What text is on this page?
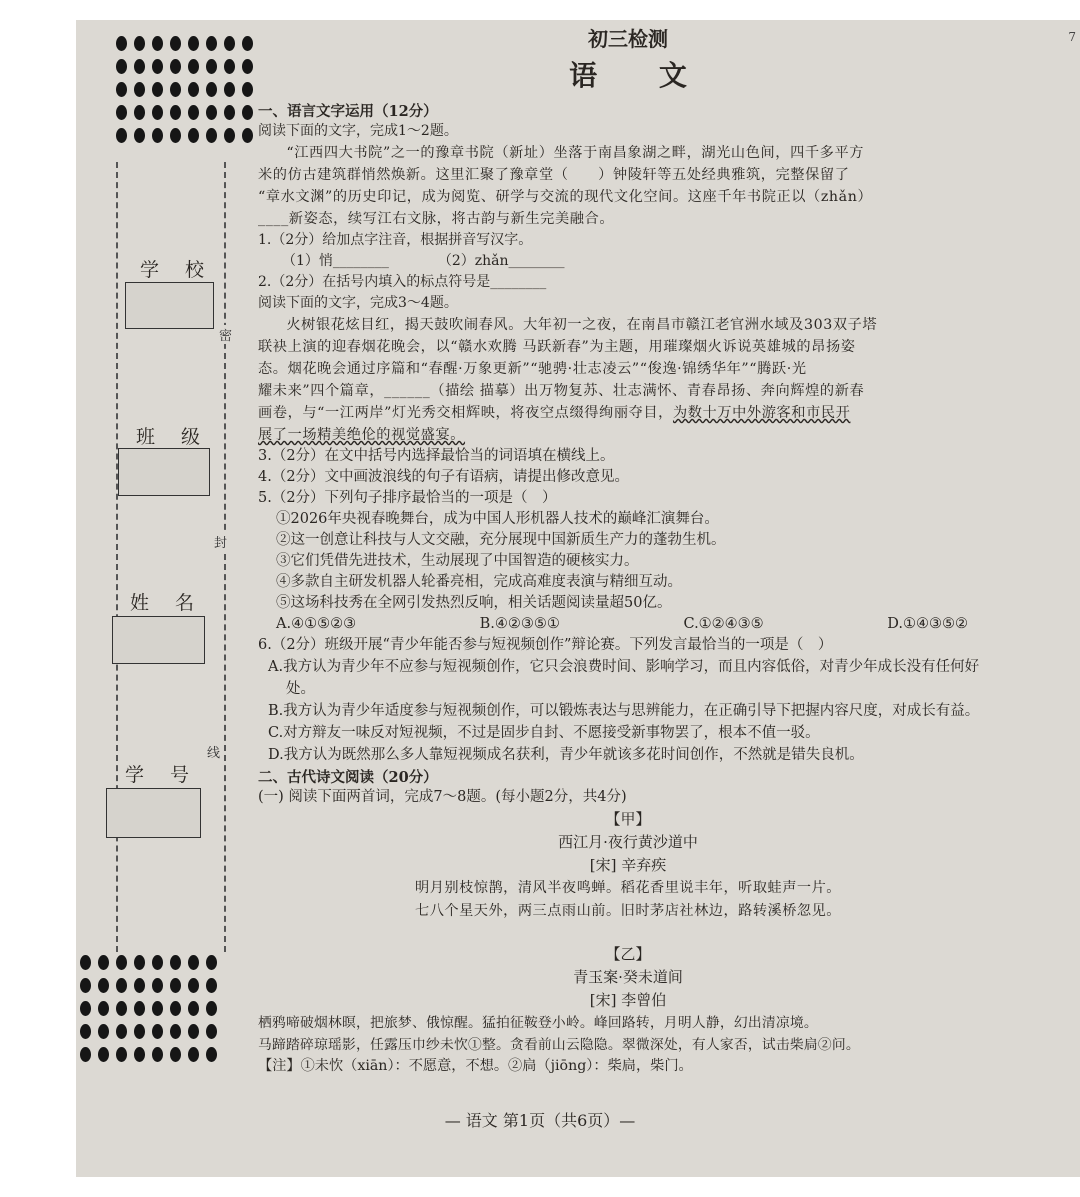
7
密
封
线
学 校
班 级
姓 名
学 号
初三检测
语 文
一、语言文字运用（12分）
阅读下面的文字，完成1～2题。
“江西四大书院”之一的豫章书院（新址）坐落于南昌象湖之畔，湖光山色间，四千多平方
米的仿古建筑群悄然焕新。这里汇聚了豫章堂（　　）钟陵轩等五处经典雅筑，完整保留了
“章水文渊”的历史印记，成为阅览、研学与交流的现代文化空间。这座千年书院正以（zhǎn）
____新姿态，续写江右文脉，将古韵与新生完美融合。
1.（2分）给加点字注音，根据拼音写汉字。
（1）悄________	（2）zhǎn________
2.（2分）在括号内填入的标点符号是________
阅读下面的文字，完成3～4题。
火树银花炫目红，揭天鼓吹闹春风。大年初一之夜，在南昌市赣江老官洲水域及303双子塔
联袂上演的迎春烟花晚会，以“赣水欢腾 马跃新春”为主题，用璀璨烟火诉说英雄城的昂扬姿
态。烟花晚会通过序篇和“春醒·万象更新”“驰骋·壮志凌云”“俊逸·锦绣华年”“腾跃·光
耀未来”四个篇章，______（描绘 描摹）出万物复苏、壮志满怀、青春昂扬、奔向辉煌的新春
画卷，与“一江两岸”灯光秀交相辉映，将夜空点缀得绚丽夺目，为数十万中外游客和市民开
展了一场精美绝伦的视觉盛宴。
3.（2分）在文中括号内选择最恰当的词语填在横线上。
4.（2分）文中画波浪线的句子有语病，请提出修改意见。
5.（2分）下列句子排序最恰当的一项是（　）
①2026年央视春晚舞台，成为中国人形机器人技术的巅峰汇演舞台。
②这一创意让科技与人文交融，充分展现中国新质生产力的蓬勃生机。
③它们凭借先进技术，生动展现了中国智造的硬核实力。
④多款自主研发机器人轮番亮相，完成高难度表演与精细互动。
⑤这场科技秀在全网引发热烈反响，相关话题阅读量超50亿。
A.④①⑤②③	B.④②③⑤①	C.①②④③⑤	D.①④③⑤②
6.（2分）班级开展“青少年能否参与短视频创作”辩论赛。下列发言最恰当的一项是（　）
A.我方认为青少年不应参与短视频创作，它只会浪费时间、影响学习，而且内容低俗，对青少年成长没有任何好处。
B.我方认为青少年适度参与短视频创作，可以锻炼表达与思辨能力，在正确引导下把握内容尺度，对成长有益。
C.对方辩友一味反对短视频，不过是固步自封、不愿接受新事物罢了，根本不值一驳。
D.我方认为既然那么多人靠短视频成名获利，青少年就该多花时间创作，不然就是错失良机。
二、古代诗文阅读（20分）
(一) 阅读下面两首词，完成7～8题。(每小题2分，共4分)
【甲】
西江月·夜行黄沙道中
[宋] 辛弃疾
明月别枝惊鹊，清风半夜鸣蝉。稻花香里说丰年，听取蛙声一片。
七八个星天外，两三点雨山前。旧时茅店社林边，路转溪桥忽见。
【乙】
青玉案·癸未道间
[宋] 李曾伯
栖鸦啼破烟林暝，把旅梦、俄惊醒。猛拍征鞍登小岭。峰回路转，月明人静，幻出清凉境。
马蹄踏碎琼瑶影，任露压巾纱未忺①整。贪看前山云隐隐。翠微深处，有人家否，试击柴扃②问。
【注】①未忺（xiān）：不愿意，不想。②扃（jiōng）：柴扃，柴门。
— 语文 第1页（共6页）—
